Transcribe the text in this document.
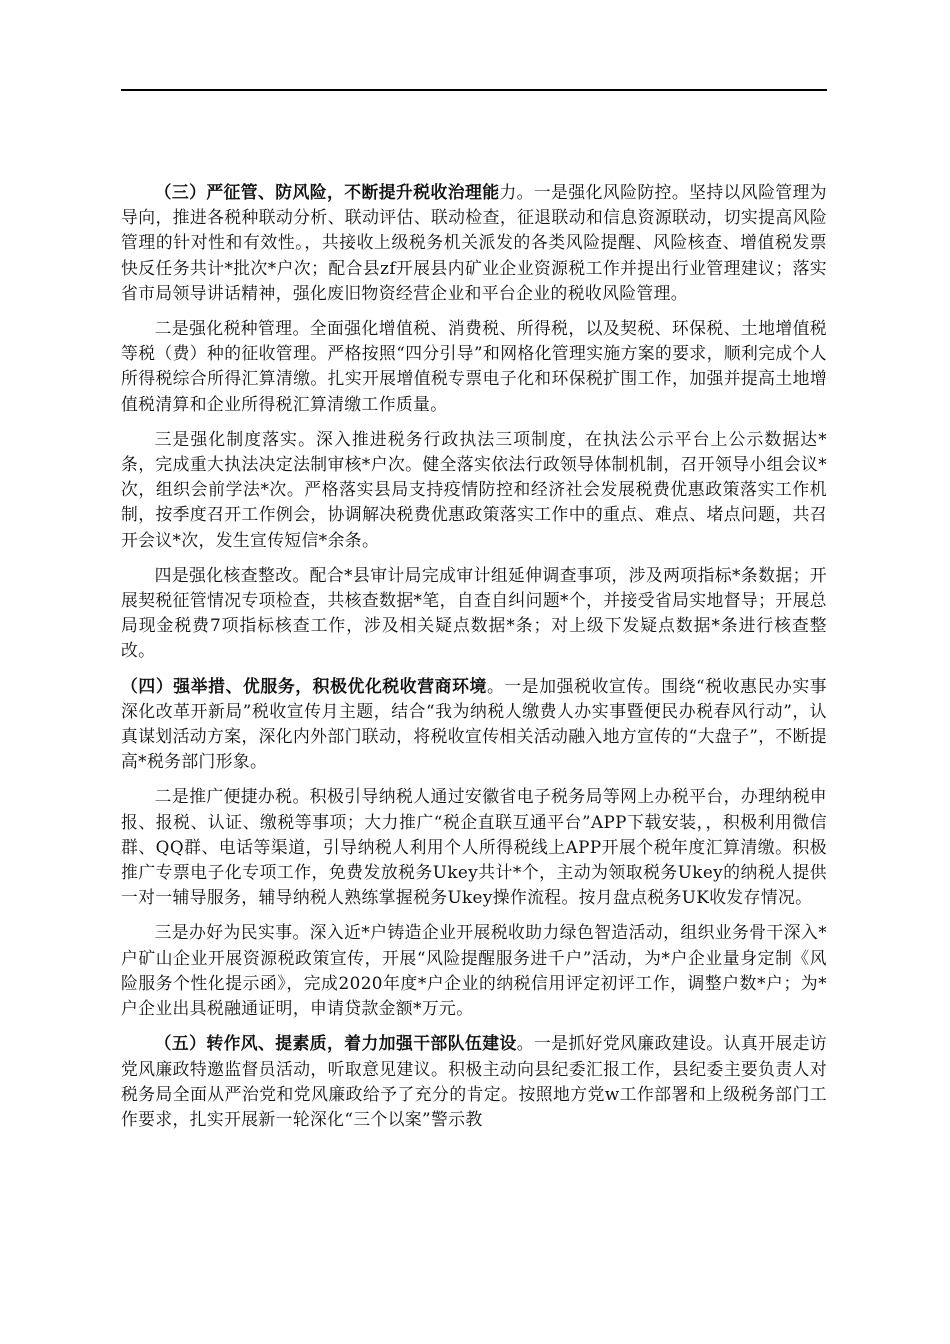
（三）严征管、防风险，不断提升税收治理能力。一是强化风险防控。坚持以风险管理为导向，推进各税种联动分析、联动评估、联动检查，征退联动和信息资源联动，切实提高风险管理的针对性和有效性。，共接收上级税务机关派发的各类风险提醒、风险核查、增值税发票快反任务共计*批次*户次；配合县zf开展县内矿业企业资源税工作并提出行业管理建议；落实省市局领导讲话精神，强化废旧物资经营企业和平台企业的税收风险管理。

二是强化税种管理。全面强化增值税、消费税、所得税，以及契税、环保税、土地增值税等税（费）种的征收管理。严格按照“四分引导”和网格化管理实施方案的要求，顺利完成个人所得税综合所得汇算清缴。扎实开展增值税专票电子化和环保税扩围工作，加强并提高土地增值税清算和企业所得税汇算清缴工作质量。

三是强化制度落实。深入推进税务行政执法三项制度，在执法公示平台上公示数据达*条，完成重大执法决定法制审核*户次。健全落实依法行政领导体制机制，召开领导小组会议*次，组织会前学法*次。严格落实县局支持疫情防控和经济社会发展税费优惠政策落实工作机制，按季度召开工作例会，协调解决税费优惠政策落实工作中的重点、难点、堵点问题，共召开会议*次，发生宣传短信*余条。

四是强化核查整改。配合*县审计局完成审计组延伸调查事项，涉及两项指标*条数据；开展契税征管情况专项检查，共核查数据*笔，自查自纠问题*个，并接受省局实地督导；开展总局现金税费7项指标核查工作，涉及相关疑点数据*条；对上级下发疑点数据*条进行核查整改。

（四）强举措、优服务，积极优化税收营商环境。一是加强税收宣传。围绕“税收惠民办实事深化改革开新局”税收宣传月主题，结合“我为纳税人缴费人办实事暨便民办税春风行动”，认真谋划活动方案，深化内外部门联动，将税收宣传相关活动融入地方宣传的“大盘子”，不断提高*税务部门形象。

二是推广便捷办税。积极引导纳税人通过安徽省电子税务局等网上办税平台，办理纳税申报、报税、认证、缴税等事项；大力推广“税企直联互通平台”APP下载安装，，积极利用微信群、QQ群、电话等渠道，引导纳税人利用个人所得税线上APP开展个税年度汇算清缴。积极推广专票电子化专项工作，免费发放税务Ukey共计*个，主动为领取税务Ukey的纳税人提供一对一辅导服务，辅导纳税人熟练掌握税务Ukey操作流程。按月盘点税务UK收发存情况。

三是办好为民实事。深入近*户铸造企业开展税收助力绿色智造活动，组织业务骨干深入*户矿山企业开展资源税政策宣传，开展“风险提醒服务进千户”活动，为*户企业量身定制《风险服务个性化提示函》，完成2020年度*户企业的纳税信用评定初评工作，调整户数*户；为*户企业出具税融通证明，申请贷款金额*万元。

（五）转作风、提素质，着力加强干部队伍建设。一是抓好党风廉政建设。认真开展走访党风廉政特邀监督员活动，听取意见建议。积极主动向县纪委汇报工作，县纪委主要负责人对税务局全面从严治党和党风廉政给予了充分的肯定。按照地方党w工作部署和上级税务部门工作要求，扎实开展新一轮深化“三个以案”警示教
